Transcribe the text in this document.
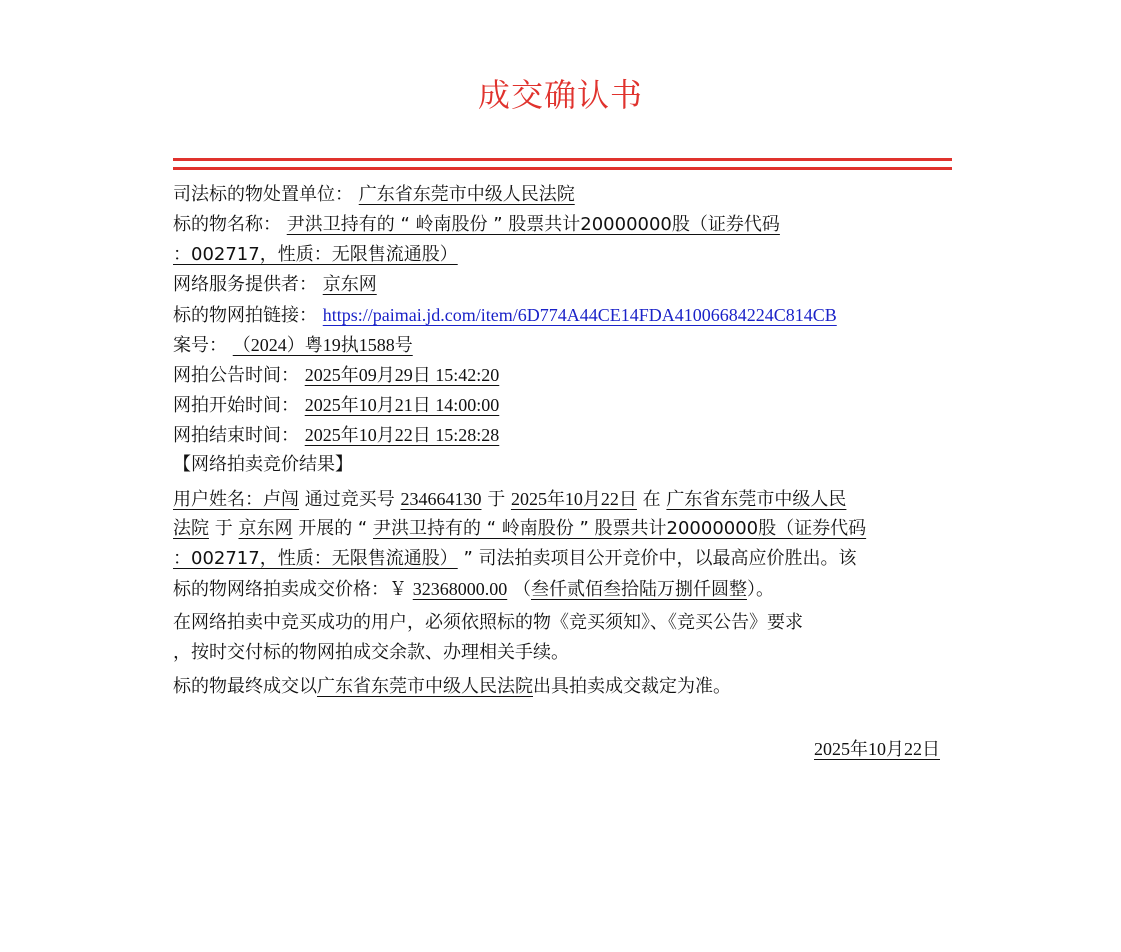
成交确认书
司法标的物处置单位： 广东省东莞市中级人民法院
标的物名称： 尹洪卫持有的 “ 岭南股份 ” 股票共计20000000股（证券代码
：002717，性质：无限售流通股）
网络服务提供者： 京东网
标的物网拍链接： https://paimai.jd.com/item/6D774A44CE14FDA41006684224C814CB
案号： （2024）粤19执1588号
网拍公告时间： 2025年09月29日 15:42:20
网拍开始时间： 2025年10月21日 14:00:00
网拍结束时间： 2025年10月22日 15:28:28
【网络拍卖竞价结果】
用户姓名：卢闯 通过竞买号 234664130 于 2025年10月22日 在 广东省东莞市中级人民
法院 于 京东网 开展的 “ 尹洪卫持有的 “ 岭南股份 ” 股票共计20000000股（证券代码
：002717，性质：无限售流通股） ” 司法拍卖项目公开竞价中，以最高应价胜出。该
标的物网络拍卖成交价格：￥ 32368000.00 （叁仟贰佰叁拾陆万捌仟圆整）。
在网络拍卖中竞买成功的用户，必须依照标的物《竞买须知》、《竞买公告》要求
，按时交付标的物网拍成交余款、办理相关手续。
标的物最终成交以广东省东莞市中级人民法院出具拍卖成交裁定为准。
2025年10月22日
